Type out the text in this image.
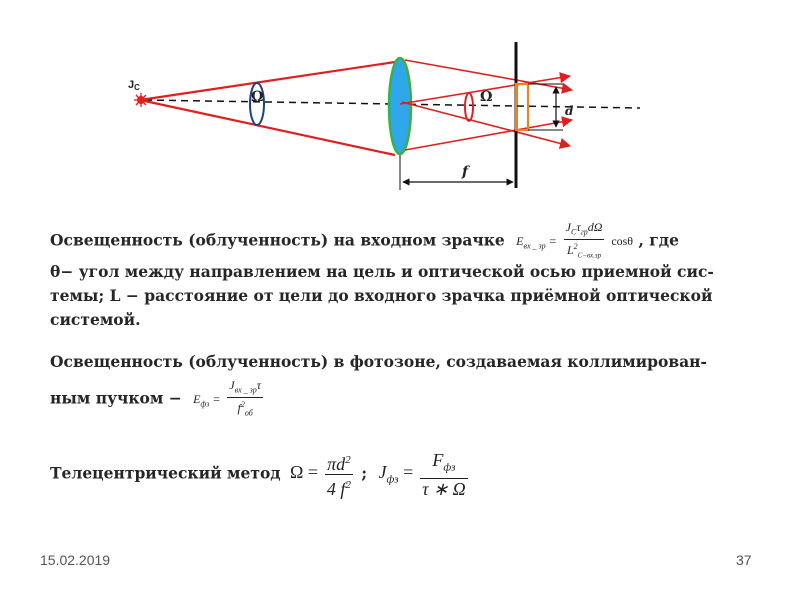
JC
Ω	Ω
f
d
Освещенность (облученность) на входном зрачке $E_{вх \_ зр} = \frac{J_C\tau_{гр}d\Omega}{L^2_{C-вх.зр}}$ cosθ , где
θ− угол между направлением на цель и оптической осью приемной сис-
темы; L − расстояние от цели до входного зрачка приёмной оптической
системой.
Освещенность (облученность) в фотозоне, создаваемая коллимирован-
ным пучком − $E_{фз} = \frac{J_{вх \_ зр}\tau}{f^2_{об}}$
Телецентрический метод $\Omega = \frac{\pi d^2}{4 f^2}$ ; $J_{фз} = \frac{F_{фз}}{\tau ∗ \Omega}$
15.02.2019	37
